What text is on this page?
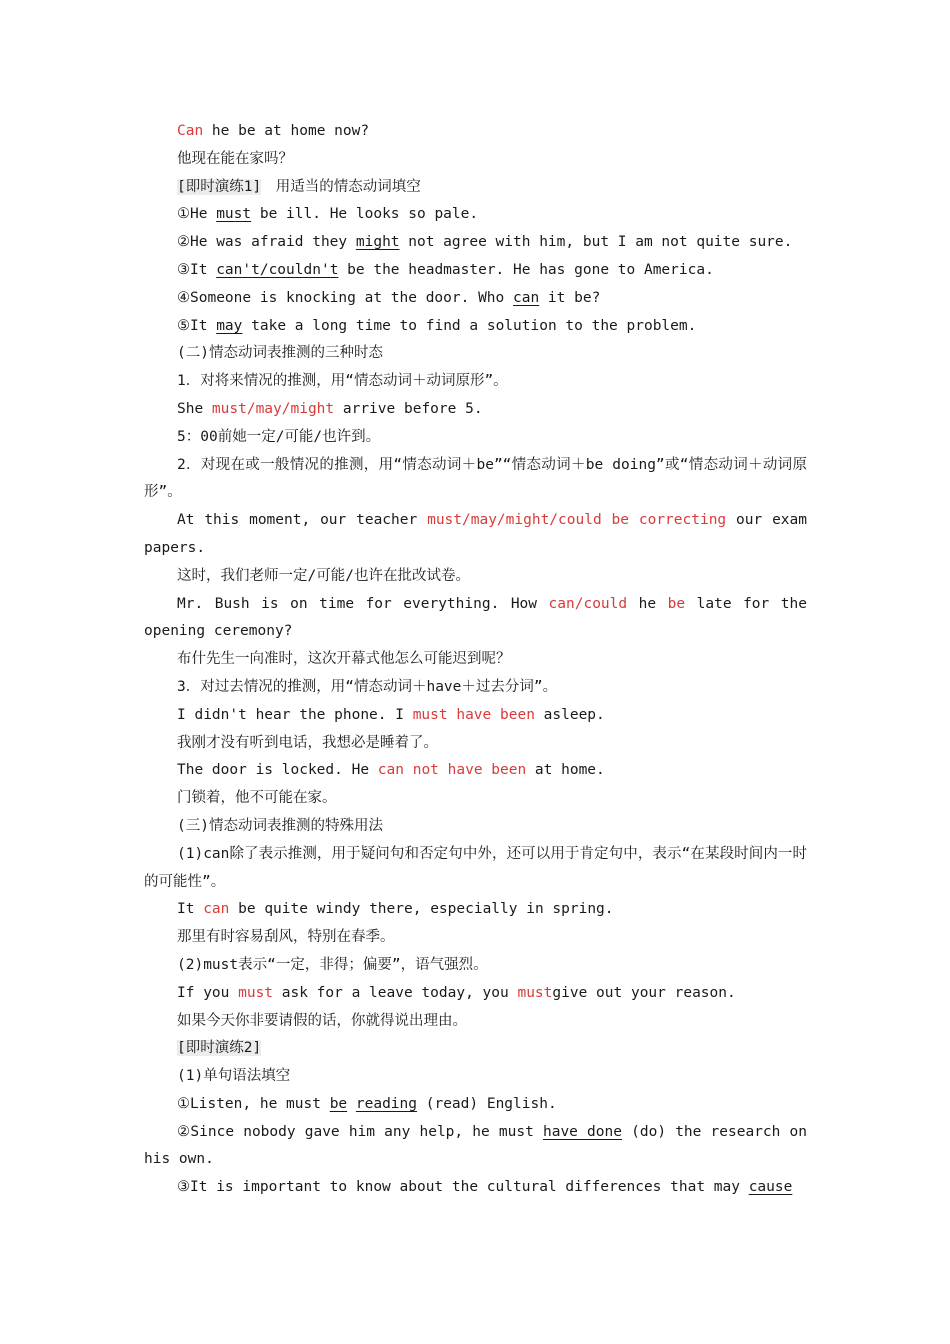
Can he be at home now?

他现在能在家吗？

[即时演练1]　用适当的情态动词填空

①He must be ill. He looks so pale.

②He was afraid they might not agree with him, but I am not quite sure.

③It can't/couldn't be the headmaster. He has gone to America.

④Someone is knocking at the door. Who can it be?

⑤It may take a long time to find a solution to the problem.

(二)情态动词表推测的三种时态

1．对将来情况的推测，用“情态动词＋动词原形”。

She must/may/might arrive before 5.

5：00前她一定/可能/也许到。

2．对现在或一般情况的推测，用“情态动词＋be”“情态动词＋be doing”或“情态动词＋动词原形”。

At this moment, our teacher must/may/might/could be correcting our exam papers.

这时，我们老师一定/可能/也许在批改试卷。

Mr. Bush is on time for everything. How can/could he be late for the opening ceremony?

布什先生一向准时，这次开幕式他怎么可能迟到呢？

3．对过去情况的推测，用“情态动词＋have＋过去分词”。

I didn't hear the phone. I must have been asleep.

我刚才没有听到电话，我想必是睡着了。

The door is locked. He can not have been at home.

门锁着，他不可能在家。

(三)情态动词表推测的特殊用法

(1)can除了表示推测，用于疑问句和否定句中外，还可以用于肯定句中，表示“在某段时间内一时的可能性”。

It can be quite windy there, especially in spring.

那里有时容易刮风，特别在春季。

(2)must表示“一定，非得；偏要”，语气强烈。

If you must ask for a leave today, you mustgive out your reason.

如果今天你非要请假的话，你就得说出理由。

[即时演练2]

(1)单句语法填空

①Listen, he must be reading (read) English.

②Since nobody gave him any help, he must have done (do) the research on his own.

③It is important to know about the cultural differences that may cause
